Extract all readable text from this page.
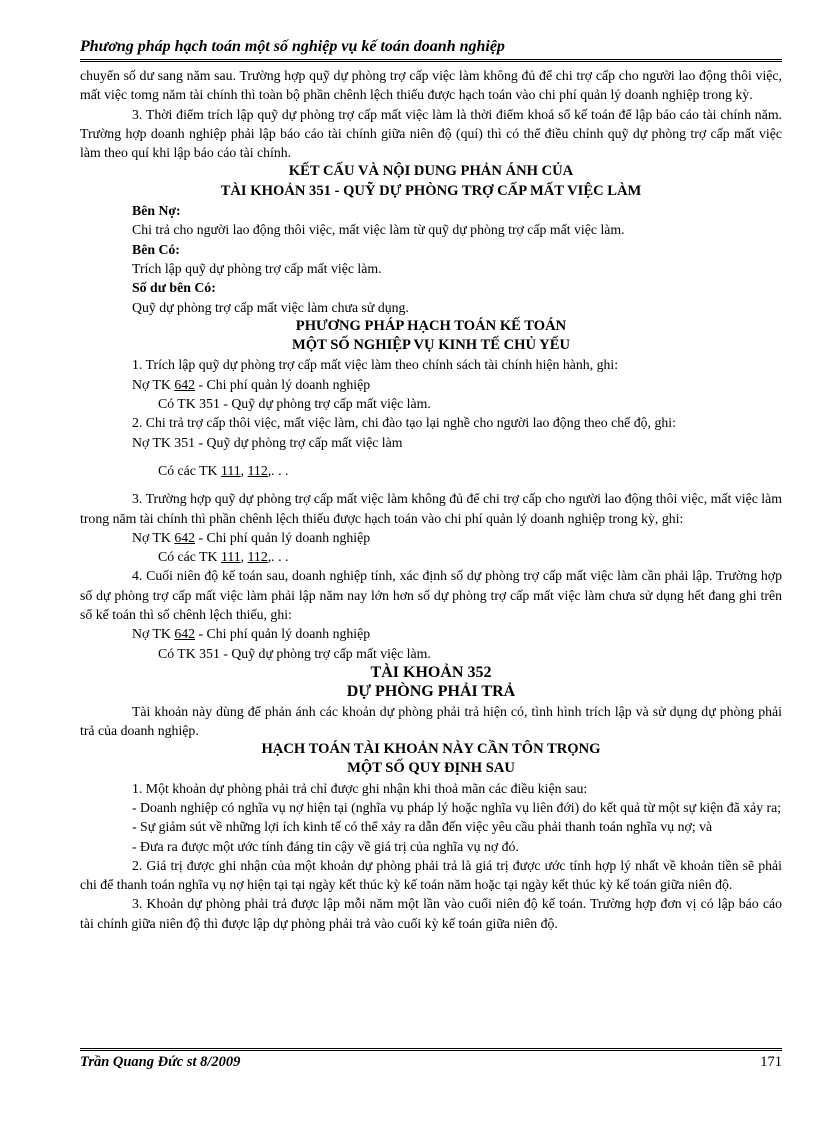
Phương pháp hạch toán một số nghiệp vụ kế toán doanh nghiệp

chuyển số dư sang năm sau. Trường hợp quỹ dự phòng trợ cấp việc làm không đủ để chi trợ cấp cho người lao động thôi việc, mất việc tomg năm tài chính thì toàn bộ phần chênh lệch thiếu được hạch toán vào chi phí quản lý doanh nghiệp trong kỳ.

3. Thời điểm trích lập quỹ dự phòng trợ cấp mất việc làm là thời điểm khoá sổ kế toán để lập báo cáo tài chính năm. Trường hợp doanh nghiệp phải lập báo cáo tài chính giữa niên độ (quí) thì có thể điều chỉnh quỹ dự phòng trợ cấp mất việc làm theo quí khi lập báo cáo tài chính.

KẾT CẤU VÀ NỘI DUNG PHẢN ÁNH CỦA

TÀI KHOẢN 351 - QUỸ DỰ PHÒNG TRỢ CẤP MẤT VIỆC LÀM

Bên Nợ:

Chi trả cho người lao động thôi việc, mất việc làm từ quỹ dự phòng trợ cấp mất việc làm.

Bên Có:

Trích lập quỹ dự phòng trợ cấp mất việc làm.

Số dư bên Có:

Quỹ dự phòng trợ cấp mất việc làm chưa sử dụng.

PHƯƠNG PHÁP HẠCH TOÁN KẾ TOÁN

MỘT SỐ NGHIỆP VỤ KINH TẾ CHỦ YẾU

1. Trích lập quỹ dự phòng trợ cấp mất việc làm theo chính sách tài chính hiện hành, ghi:

Nợ TK 642 - Chi phí quản lý doanh nghiệp

Có TK 351 - Quỹ dự phòng trợ cấp mất việc làm.

2. Chi trả trợ cấp thôi việc, mất việc làm, chi đào tạo lại nghề cho người lao động theo chế độ, ghi:

Nợ TK 351 - Quỹ dự phòng trợ cấp mất việc làm

Có các TK 111, 112,. . .

3. Trường hợp quỹ dự phòng trợ cấp mất việc làm không đủ để chi trợ cấp cho người lao động thôi việc, mất việc làm trong năm tài chính thì phần chênh lệch thiếu được hạch toán vào chi phí quản lý doanh nghiệp trong kỳ, ghi:

Nợ TK 642 - Chi phí quản lý doanh nghiệp

Có các TK 111, 112,. . .

4. Cuối niên độ kế toán sau, doanh nghiệp tính, xác định số dự phòng trợ cấp mất việc làm cần phải lập. Trường hợp số dự phòng trợ cấp mất việc làm phải lập năm nay lớn hơn số dự phòng trợ cấp mất việc làm chưa sử dụng hết đang ghi trên sổ kế toán thì số chênh lệch thiếu, ghi:

Nợ TK 642 - Chi phí quản lý doanh nghiệp

Có TK 351 - Quỹ dự phòng trợ cấp mất việc làm.

TÀI KHOẢN 352

DỰ PHÒNG PHẢI TRẢ

Tài khoản này dùng để phản ánh các khoản dự phòng phải trả hiện có, tình hình trích lập và sử dụng dự phòng phải trả của doanh nghiệp.

HẠCH TOÁN TÀI KHOẢN NÀY CẦN TÔN TRỌNG

MỘT SỐ QUY ĐỊNH SAU

1. Một khoản dự phòng phải trả chỉ được ghi nhận khi thoả mãn các điều kiện sau:

- Doanh nghiệp có nghĩa vụ nợ hiện tại (nghĩa vụ pháp lý hoặc nghĩa vụ liên đới) do kết quả từ một sự kiện đã xảy ra;

- Sự giảm sút về những lợi ích kinh tế có thể xảy ra dẫn đến việc yêu cầu phải thanh toán nghĩa vụ nợ; và

- Đưa ra được một ước tính đáng tin cậy về giá trị của nghĩa vụ nợ đó.

2. Giá trị được ghi nhận của một khoản dự phòng phải trả là giá trị được ước tính hợp lý nhất về khoản tiền sẽ phải chi để thanh toán nghĩa vụ nợ hiện tại tại ngày kết thúc kỳ kế toán năm hoặc tại ngày kết thúc kỳ kế toán giữa niên độ.

3. Khoản dự phòng phải trả được lập mỗi năm một lần vào cuối niên độ kế toán. Trường hợp đơn vị có lập báo cáo tài chính giữa niên độ thì được lập dự phòng phải trả vào cuối kỳ kế toán giữa niên độ.

Trần Quang Đức st 8/2009	171
